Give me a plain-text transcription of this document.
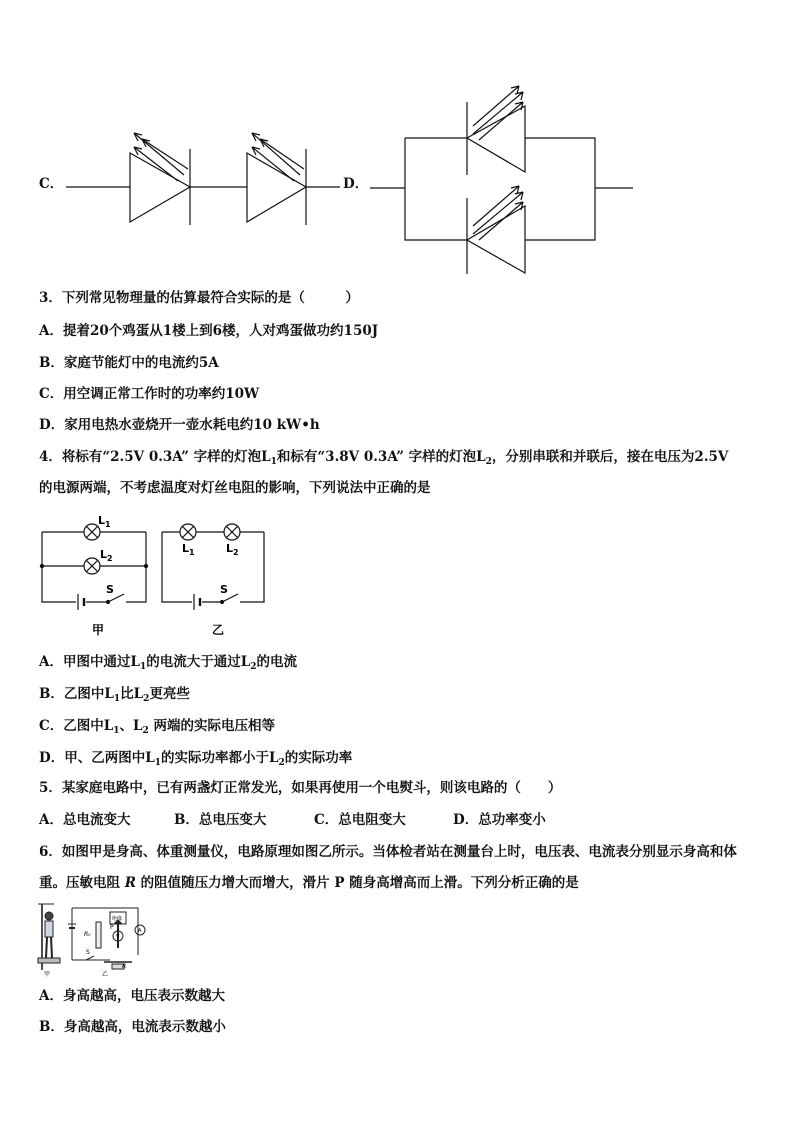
C．	D．
3．下列常见物理量的估算最符合实际的是（　　　）
A．提着20个鸡蛋从1楼上到6楼，人对鸡蛋做功约150J
B．家庭节能灯中的电流约5A
C．用空调正常工作时的功率约10W
D．家用电热水壶烧开一壶水耗电约10 kW•h
4．将标有“2.5V 0.3A” 字样的灯泡$L_1$和标有“3.8V 0.3A” 字样的灯泡$L_2$，分别串联和并联后，接在电压为2.5V
的电源两端，不考虑温度对灯丝电阻的影响，下列说法中正确的是
$L_1$
$L_2$
S
甲
$L_1$	$L_2$
S
乙
A．甲图中通过$L_1$的电流大于通过$L_2$的电流
B．乙图中$L_1$比$L_2$更亮些
C．乙图中$L_1$、$L_2$ 两端的实际电压相等
D．甲、乙两图中$L_1$的实际功率都小于$L_2$的实际功率
5．某家庭电路中，已有两盏灯正常发光，如果再使用一个电熨斗，则该电路的（　　）
A．总电流变大	B．总电压变大	C．总电阻变大	D．总功率变小
6．如图甲是身高、体重测量仪，电路原理如图乙所示。当体检者站在测量台上时，电压表、电流表分别显示身高和体
重。压敏电阻 R 的阻值随压力增大而增大，滑片 P 随身高增高而上滑。下列分析正确的是
R₀
绝缘
P
V
A
S
R
甲	乙
A．身高越高，电压表示数越大
B．身高越高，电流表示数越小
